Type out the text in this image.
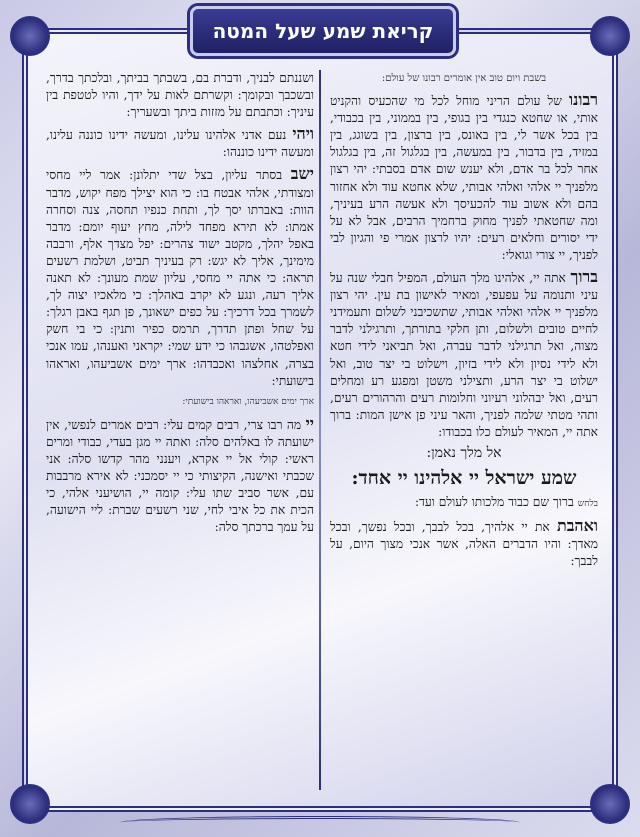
קריאת שמע שעל המטה

בשבת ויום טוב אין אומרים רבונו של עולם:

רבונו של עולם הריני מוחל לכל מי שהכעיס והקניט אותי, או שחטא כנגדי בין בגופי, בין בממוני, בין בכבודי, בין בכל אשר לי, בין באונס, בין ברצון, בין בשוגג, בין במזיד, בין בדבור, בין במעשה, בין בגלגול זה, בין בגלגול אחר לכל בר אדם, ולא יענש שום אדם בסבתי: יהי רצון מלפניך יי אלהי ואלהי אבותי, שלא אחטא עוד ולא אחזור בהם ולא אשוב עוד להכעיסך ולא אעשה הרע בעיניך, ומה שחטאתי לפניך מחוק ברחמיך הרבים, אבל לא על ידי יסורים וחלאים רעים: יהיו לרצון אמרי פי והגיון לבי לפניך, יי צורי וגואלי:

ברוך אתה יי, אלהינו מלך העולם, המפיל חבלי שנה על עיני ותנומה על עפעפי, ומאיר לאישון בת עין. יהי רצון מלפניך יי אלהי ואלהי אבותי, שתשכיבני לשלום ותעמידני לחיים טובים ולשלום, ותן חלקי בתורתך, ותרגילני לדבר מצוה, ואל תרגילני לדבר עברה, ואל תביאני לידי חטא ולא לידי נסיון ולא לידי בזיון, וישלוט בי יצר טוב, ואל ישלוט בי יצר הרע, ותצילני משטן ומפגע רע ומחלים רעים, ואל יבהלוני רעיוני וחלומות רעים והרהורים רעים, ותהי מטתי שלמה לפניך, והאר עיני פן אישן המות: ברוך אתה יי, המאיר לעולם כלו בכבודו:

אל מלך נאמן:

שמע ישראל יי אלהינו יי אחד:

בלחש ברוך שם כבוד מלכותו לעולם ועד:

ואהבת את יי אלהיך, בכל לבבך, ובכל נפשך, ובכל מאדך: והיו הדברים האלה, אשר אנכי מצוך היום, על לבבך:

ושננתם לבניך, ודברת בם, בשבתך בביתך, ובלכתך בדרך, ובשכבך ובקומך: וקשרתם לאות על ידך, והיו לטטפת בין עיניך: וכתבתם על מזזות ביתך ובשעריך:

ויהי נעם אדני אלהינו עלינו, ומעשה ידינו כוננה עלינו, ומעשה ידינו כוננהו:

ישב בסתר עליון, בצל שדי יתלונן: אמר ליי מחסי ומצודתי, אלהי אבטח בו: כי הוא יצילך מפח יקוש, מדבר הוות: באברתו יסך לך, ותחת כנפיו תחסה, צנה וסחרה אמתו: לא תירא מפחד לילה, מחץ יעוף יומם: מדבר באפל יהלך, מקטב ישוד צהרים: יפל מצדך אלף, ורבבה מימינך, אליך לא יגש: רק בעיניך תביט, ושלמת רשעים תראה: כי אתה יי מחסי, עליון שמת מעונך: לא תאנה אליך רעה, ונגע לא יקרב באהלך: כי מלאכיו יצוה לך, לשמרך בכל דרכיך: על כפים ישאונך, פן תגף באבן רגלך: על שחל ופתן תדרך, תרמס כפיר ותנין: כי בי חשק ואפלטהו, אשגבהו כי ידע שמי: יקראני ואענהו, עמו אנכי בצרה, אחלצהו ואכבדהו: ארך ימים אשביעהו, ואראהו בישועתי:

ארך ימים אשביעהו, ואראהו בישועתי:

יי מה רבו צרי, רבים קמים עלי: רבים אמרים לנפשי, אין ישועתה לו באלהים סלה: ואתה יי מגן בעדי, כבודי ומרים ראשי: קולי אל יי אקרא, ויענני מהר קדשו סלה: אני שכבתי ואישנה, הקיצותי כי יי יסמכני: לא אירא מרבבות עם, אשר סביב שתו עלי: קומה יי, הושיעני אלהי, כי הכית את כל איבי לחי, שני רשעים שברת: ליי הישועה, על עמך ברכתך סלה:
